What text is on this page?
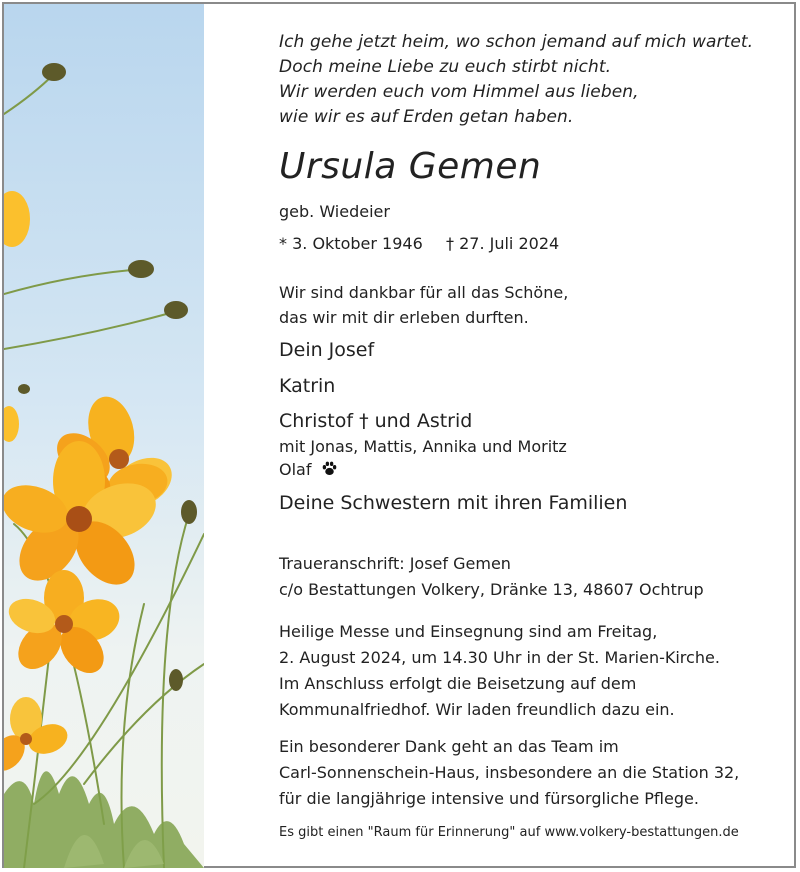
Ich gehe jetzt heim, wo schon jemand auf mich wartet.
Doch meine Liebe zu euch stirbt nicht.
Wir werden euch vom Himmel aus lieben,
wie wir es auf Erden getan haben.
Ursula Gemen
geb. Wiedeier
* 3. Oktober 1946 † 27. Juli 2024
Wir sind dankbar für all das Schöne,
das wir mit dir erleben durften.
Dein Josef
Katrin
Christof † und Astrid
mit Jonas, Mattis, Annika und Moritz
Olaf
Deine Schwestern mit ihren Familien
Traueranschrift: Josef Gemen
c/o Bestattungen Volkery, Dränke 13, 48607 Ochtrup
Heilige Messe und Einsegnung sind am Freitag,
2. August 2024, um 14.30 Uhr in der St. Marien-Kirche.
Im Anschluss erfolgt die Beisetzung auf dem
Kommunalfriedhof. Wir laden freundlich dazu ein.
Ein besonderer Dank geht an das Team im
Carl-Sonnenschein-Haus, insbesondere an die Station 32,
für die langjährige intensive und fürsorgliche Pflege.
Es gibt einen "Raum für Erinnerung" auf www.volkery-bestattungen.de
